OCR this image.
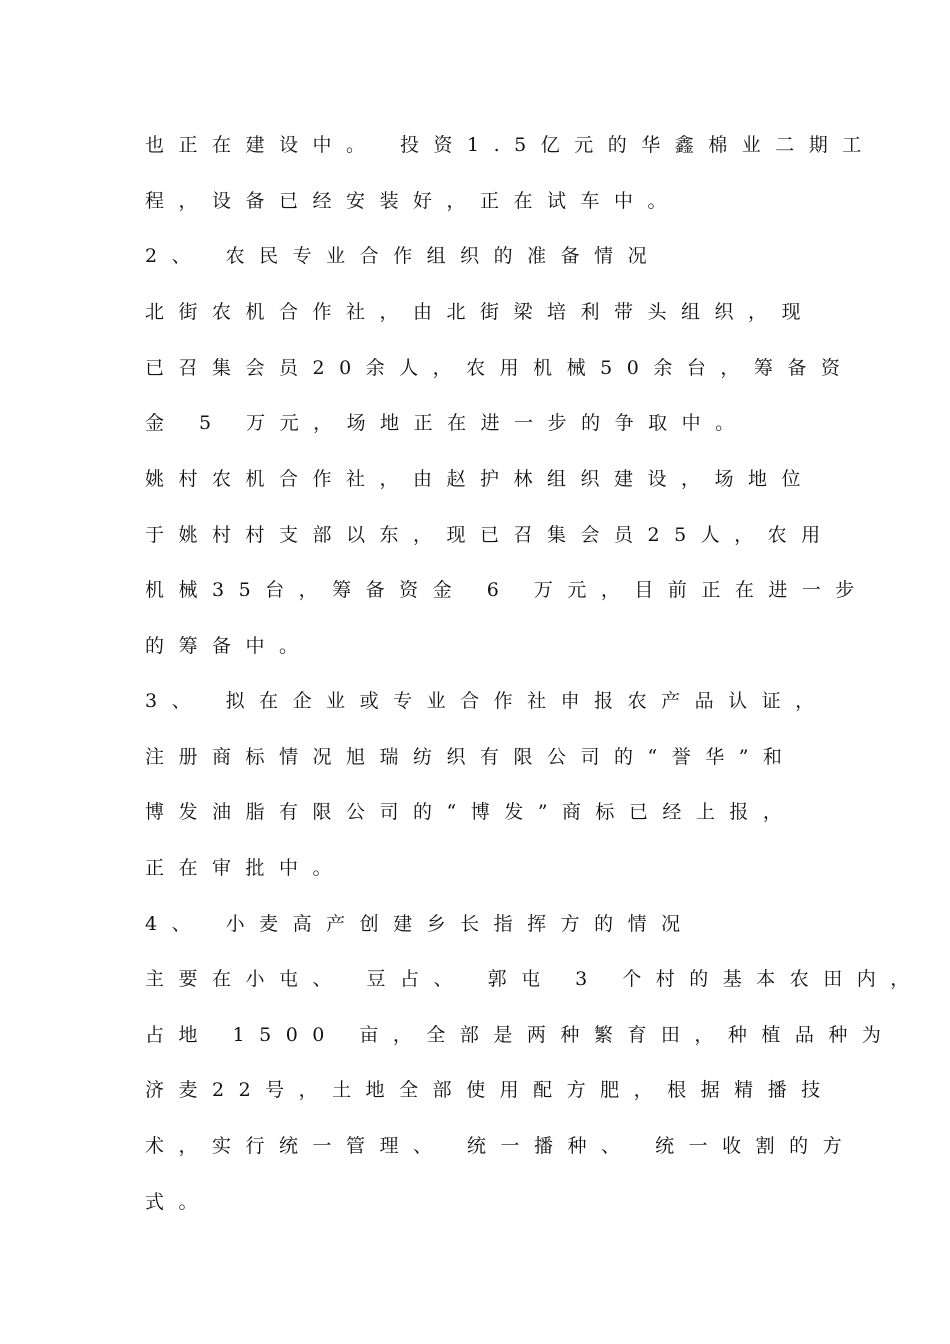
也正在建设中。 投资1.5亿元的华鑫棉业二期工
程，设备已经安装好，正在试车中。
2、 农民专业合作组织的准备情况
北街农机合作社，由北街梁培利带头组织，现
已召集会员20余人，农用机械50余台，筹备资
金 5 万元，场地正在进一步的争取中。
姚村农机合作社，由赵护林组织建设，场地位
于姚村村支部以东，现已召集会员25人，农用
机械35台，筹备资金 6 万元，目前正在进一步
的筹备中。
3、 拟在企业或专业合作社申报农产品认证，
注册商标情况旭瑞纺织有限公司的“誉华”和
博发油脂有限公司的“博发”商标已经上报，
正在审批中。
4、 小麦高产创建乡长指挥方的情况
主要在小屯、 豆占、 郭屯 3 个村的基本农田内，
占地 1500 亩，全部是两种繁育田，种植品种为
济麦22号，土地全部使用配方肥，根据精播技
术，实行统一管理、 统一播种、 统一收割的方
式。
